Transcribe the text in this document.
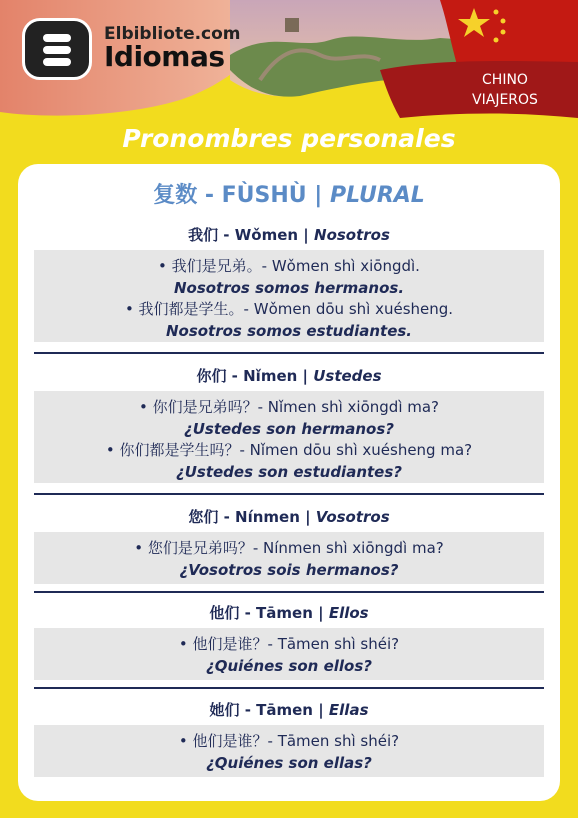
Elbibliote.com
Idiomas
CHINO
VIAJEROS
Pronombres personales
复数 - FÙSHÙ | PLURAL
我们 - Wǒmen | Nosotros
• 我们是兄弟。- Wǒmen shì xiōngdì.
Nosotros somos hermanos.
• 我们都是学生。- Wǒmen dōu shì xuésheng.
Nosotros somos estudiantes.
你们 - Nǐmen | Ustedes
• 你们是兄弟吗？- Nǐmen shì xiōngdì ma?
¿Ustedes son hermanos?
• 你们都是学生吗？- Nǐmen dōu shì xuésheng ma?
¿Ustedes son estudiantes?
您们 - Nínmen | Vosotros
• 您们是兄弟吗？- Nínmen shì xiōngdì ma?
¿Vosotros sois hermanos?
他们 - Tāmen | Ellos
• 他们是谁？- Tāmen shì shéi?
¿Quiénes son ellos?
她们 - Tāmen | Ellas
• 他们是谁？- Tāmen shì shéi?
¿Quiénes son ellas?
